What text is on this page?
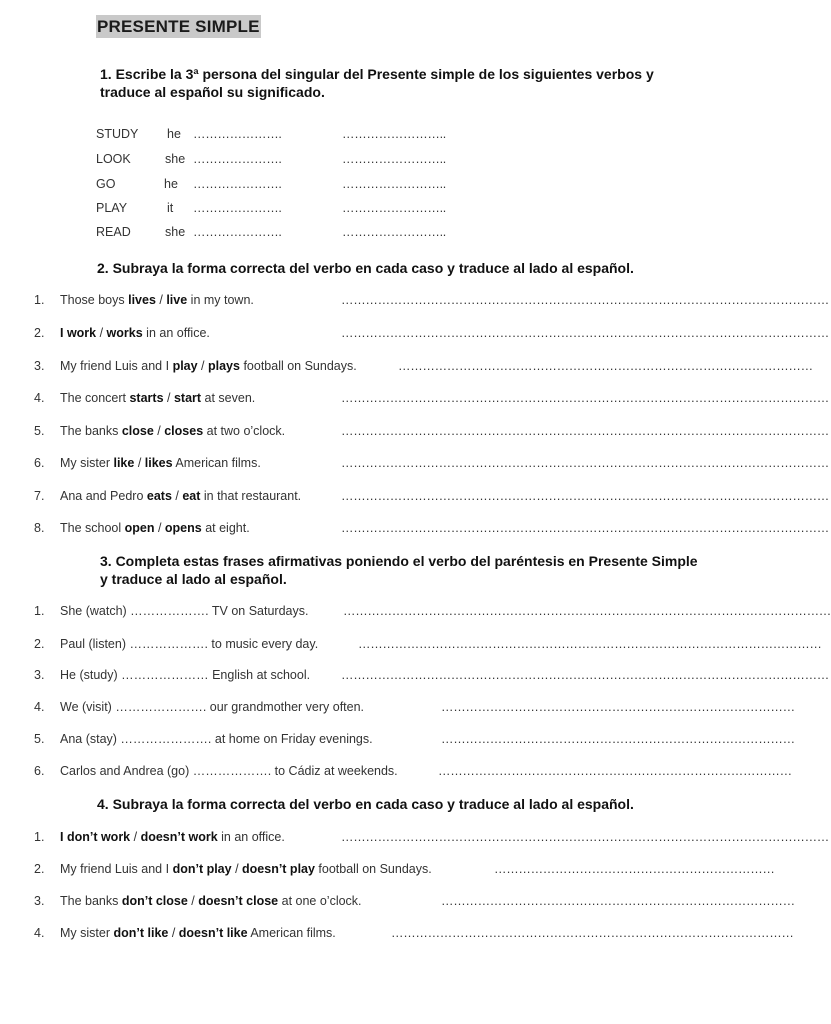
PRESENTE SIMPLE
1. Escribe la 3ª persona del singular del Presente simple de los siguientes verbos y
traduce al español su significado.
STUDY he ………………….	……………………..
LOOK	she ………………….	……………………..
GO	he ………………….	……………………..
PLAY	it ………………….	……………………..
READ	she ………………….	……………………..
2. Subraya la forma correcta del verbo en cada caso y traduce al lado al español.
1. Those boys lives / live in my town.	…………………………………………………………………………………………………………
2. I work / works in an office.	…………………………………………………………………………………………………………
3. My friend Luis and I play / plays football on Sundays.	…………………………………………………………………………………………
4. The concert starts / start at seven.	…………………………………………………………………………………………………………
5. The banks close / closes at two o’clock.	…………………………………………………………………………………………………………
6. My sister like / likes American films.	…………………………………………………………………………………………………………
7. Ana and Pedro eats / eat in that restaurant.	…………………………………………………………………………………………………………
8. The school open / opens at eight.	…………………………………………………………………………………………………………
3. Completa estas frases afirmativas poniendo el verbo del paréntesis en Presente Simple
y traduce al lado al español.
1. She (watch) ………………. TV on Saturdays.	…………………………………………………………………………………………………………
2. Paul (listen) ………………. to music every day.	……………………………………………………………………………………………………
3. He (study) ………………… English at school. …………………………………………………………………………………………………………
4. We (visit) …………………. our grandmother very often.	……………………………………………………………………………
5. Ana (stay) …………………. at home on Friday evenings.	……………………………………………………………………………
6. Carlos and Andrea (go) ………………. to Cádiz at weekends.	……………………………………………………………………………
4. Subraya la forma correcta del verbo en cada caso y traduce al lado al español.
1. I don’t work / doesn’t work in an office.	…………………………………………………………………………………………………………
2. My friend Luis and I don’t play / doesn’t play football on Sundays.	……………………………………………………………
3. The banks don’t close / doesn’t close at one o’clock.	……………………………………………………………………………
4. My sister don’t like / doesn’t like American films.	………………………………………………………………………………………
